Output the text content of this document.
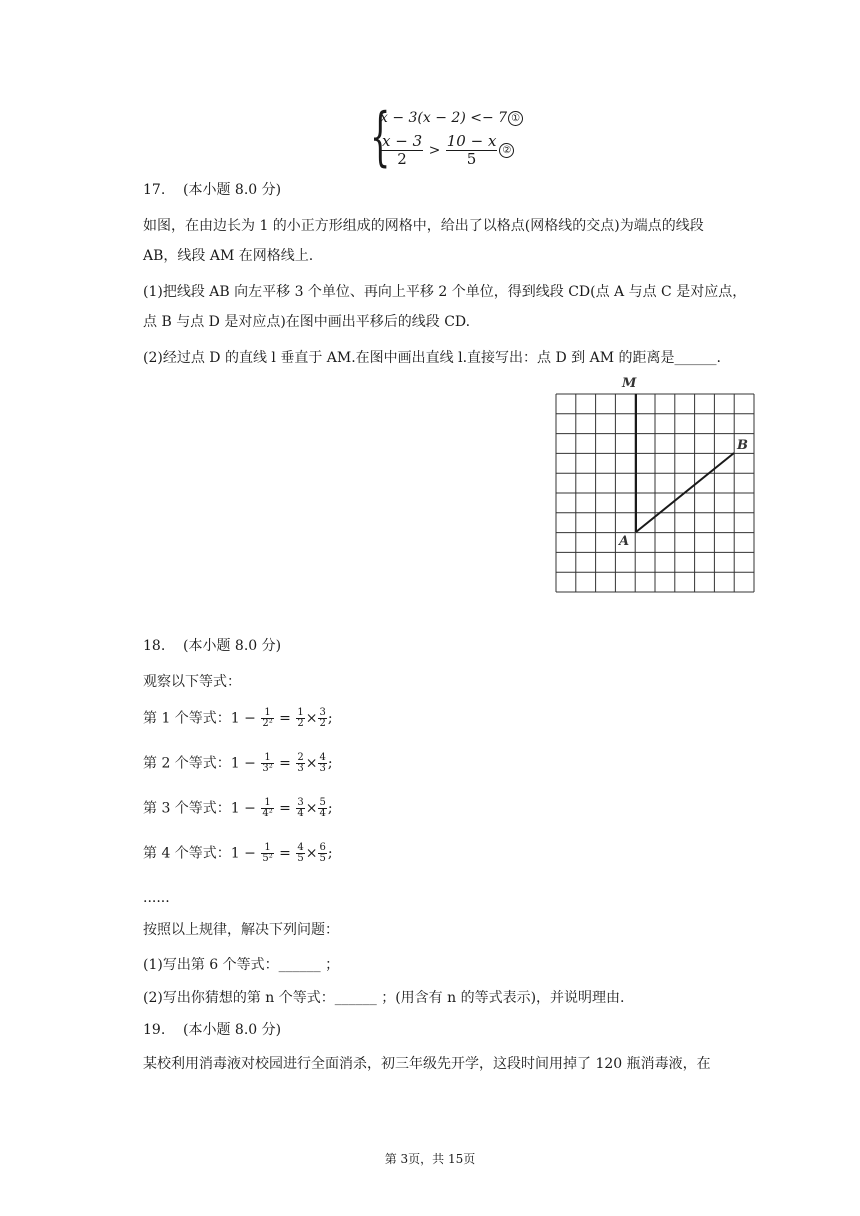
{
x − 3(x − 2) <− 7 ①
$\frac{x - 3}{2} > \frac{10 - x}{5}$ ②
17. (本小题 8.0 分)
如图，在由边长为 1 的小正方形组成的网格中，给出了以格点(网格线的交点)为端点的线段
AB，线段 AM 在网格线上.
(1)把线段 AB 向左平移 3 个单位、再向上平移 2 个单位，得到线段 CD(点 A 与点 C 是对应点，
点 B 与点 D 是对应点)在图中画出平移后的线段 CD.
(2)经过点 D 的直线 l 垂直于 AM.在图中画出直线 l.直接写出：点 D 到 AM 的距离是______.
M
B
A
18. (本小题 8.0 分)
观察以下等式：
第 1 个等式：$1 - \frac{1}{\text{2²}} = \frac{1}{2} \times \frac{3}{2}$ ;
第 2 个等式：$1 - \frac{1}{\text{3²}} = \frac{2}{3} \times \frac{4}{3}$ ;
第 3 个等式：$1 - \frac{1}{\text{4²}} = \frac{3}{4} \times \frac{5}{4}$ ;
第 4 个等式：$1 - \frac{1}{\text{5²}} = \frac{4}{5} \times \frac{6}{5}$ ;
......
按照以上规律，解决下列问题：
(1)写出第 6 个等式：______ ；
(2)写出你猜想的第 n 个等式：______ ；(用含有 n 的等式表示)，并说明理由.
19. (本小题 8.0 分)
某校利用消毒液对校园进行全面消杀，初三年级先开学，这段时间用掉了 120 瓶消毒液，在
第 3页，共 15页
